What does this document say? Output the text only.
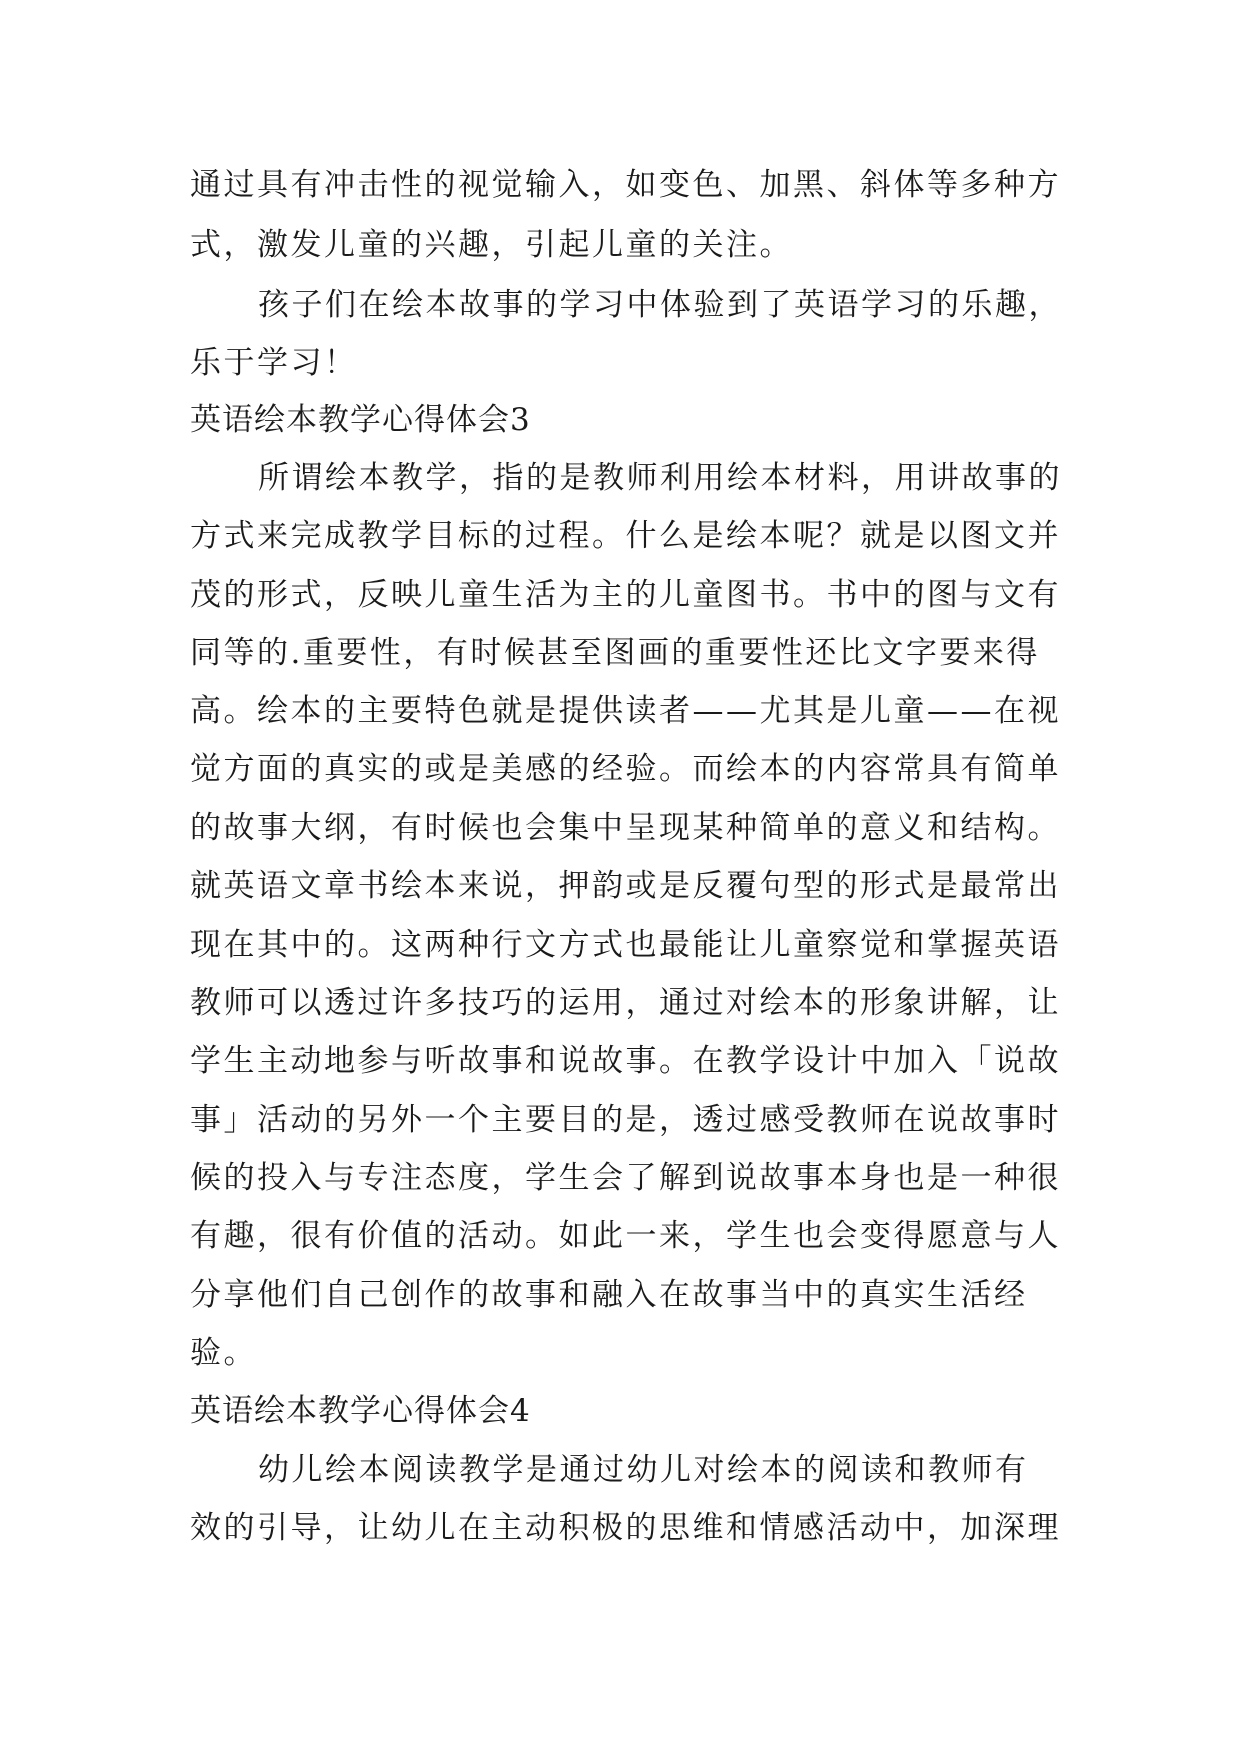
通过具有冲击性的视觉输入，如变色、加黑、斜体等多种方
式，激发儿童的兴趣，引起儿童的关注。
孩子们在绘本故事的学习中体验到了英语学习的乐趣，
乐于学习！
英语绘本教学心得体会3
所谓绘本教学，指的是教师利用绘本材料，用讲故事的
方式来完成教学目标的过程。什么是绘本呢？就是以图文并
茂的形式，反映儿童生活为主的儿童图书。书中的图与文有
同等的.重要性，有时候甚至图画的重要性还比文字要来得
高。绘本的主要特色就是提供读者——尤其是儿童——在视
觉方面的真实的或是美感的经验。而绘本的内容常具有简单
的故事大纲，有时候也会集中呈现某种简单的意义和结构。
就英语文章书绘本来说，押韵或是反覆句型的形式是最常出
现在其中的。这两种行文方式也最能让儿童察觉和掌握英语
教师可以透过许多技巧的运用，通过对绘本的形象讲解，让
学生主动地参与听故事和说故事。在教学设计中加入「说故
事」活动的另外一个主要目的是，透过感受教师在说故事时
候的投入与专注态度，学生会了解到说故事本身也是一种很
有趣，很有价值的活动。如此一来，学生也会变得愿意与人
分享他们自己创作的故事和融入在故事当中的真实生活经
验。
英语绘本教学心得体会4
幼儿绘本阅读教学是通过幼儿对绘本的阅读和教师有
效的引导，让幼儿在主动积极的思维和情感活动中，加深理
